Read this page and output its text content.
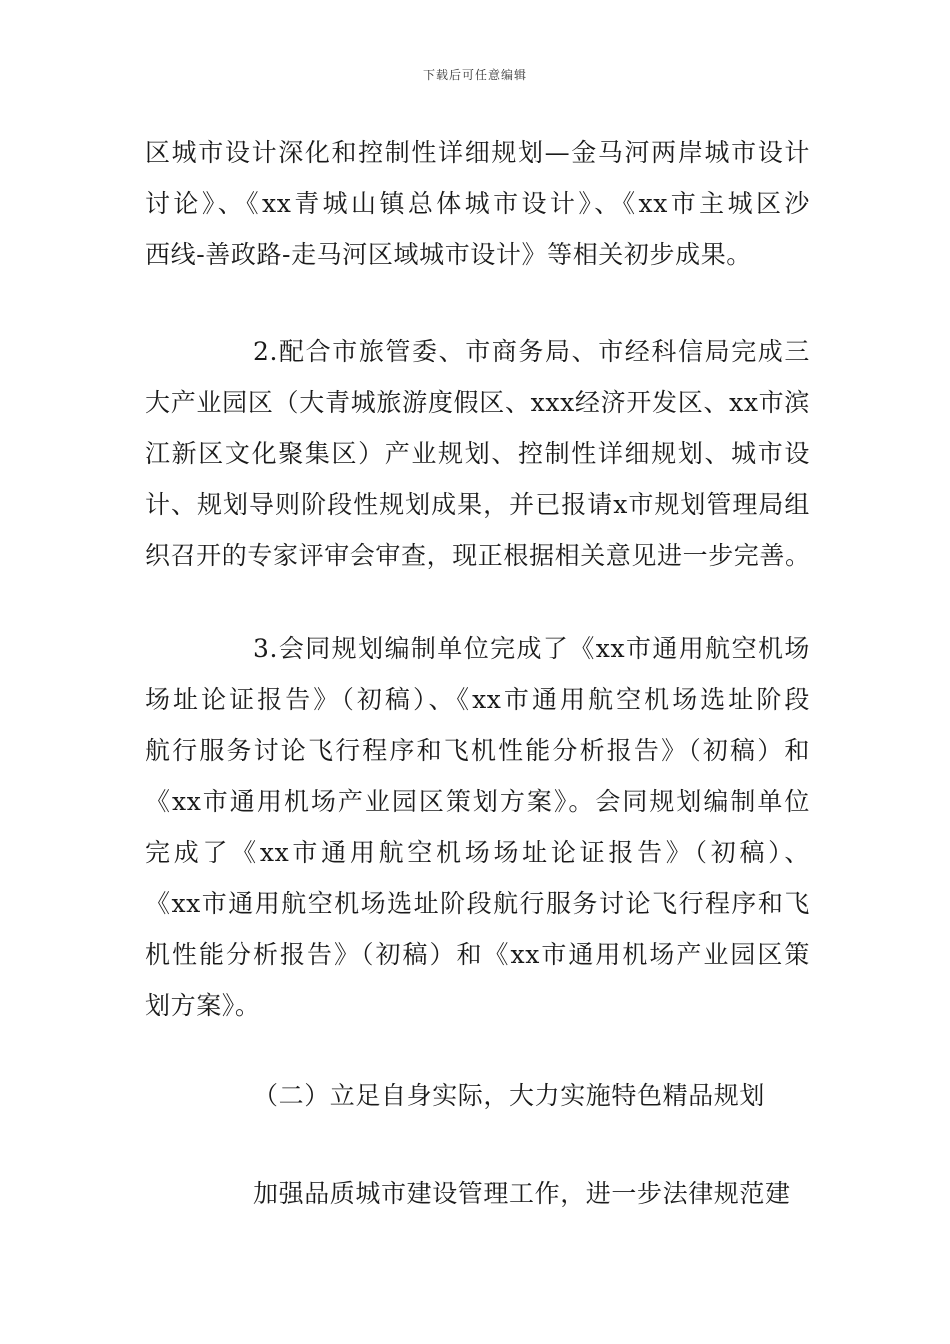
下载后可任意编辑
区城市设计深化和控制性详细规划—金马河两岸城市设计
讨论》、《xx青城山镇总体城市设计》、《xx市主城区沙
西线-善政路-走马河区域城市设计》等相关初步成果。
2.配合市旅管委、市商务局、市经科信局完成三
大产业园区（大青城旅游度假区、xxx经济开发区、xx市滨
江新区文化聚集区）产业规划、控制性详细规划、城市设
计、规划导则阶段性规划成果，并已报请x市规划管理局组
织召开的专家评审会审查，现正根据相关意见进一步完善。
3.会同规划编制单位完成了《xx市通用航空机场
场址论证报告》（初稿）、《xx市通用航空机场选址阶段
航行服务讨论飞行程序和飞机性能分析报告》（初稿）和
《xx市通用机场产业园区策划方案》。会同规划编制单位
完成了《xx市通用航空机场场址论证报告》（初稿）、
《xx市通用航空机场选址阶段航行服务讨论飞行程序和飞
机性能分析报告》（初稿）和《xx市通用机场产业园区策
划方案》。
（二）立足自身实际，大力实施特色精品规划
加强品质城市建设管理工作，进一步法律规范建
